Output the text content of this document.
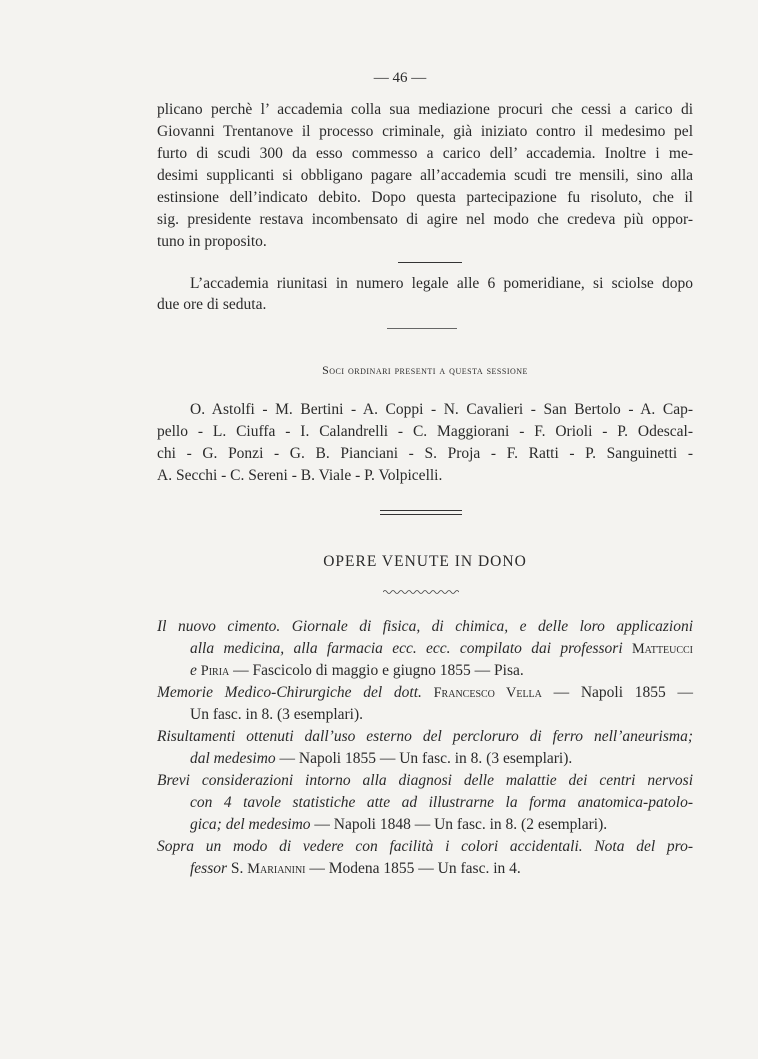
— 46 —
plicano perchè l’ accademia colla sua mediazione procuri che cessi a carico di
Giovanni Trentanove il processo criminale, già iniziato contro il medesimo pel
furto di scudi 300 da esso commesso a carico dell’ accademia. Inoltre i me-
desimi supplicanti si obbligano pagare all’accademia scudi tre mensili, sino alla
estinsione dell’indicato debito. Dopo questa partecipazione fu risoluto, che il
sig. presidente restava incombensato di agire nel modo che credeva più oppor-
tuno in proposito.
L’accademia riunitasi in numero legale alle 6 pomeridiane, si sciolse dopo
due ore di seduta.
Soci ordinari presenti a questa sessione
O. Astolfi - M. Bertini - A. Coppi - N. Cavalieri - San Bertolo - A. Cap-
pello - L. Ciuffa - I. Calandrelli - C. Maggiorani - F. Orioli - P. Odescal-
chi - G. Ponzi - G. B. Pianciani - S. Proja - F. Ratti - P. Sanguinetti -
A. Secchi - C. Sereni - B. Viale - P. Volpicelli.
OPERE VENUTE IN DONO
Il nuovo cimento. Giornale di fisica, di chimica, e delle loro applicazioni
alla medicina, alla farmacia ecc. ecc. compilato dai professori Matteucci
e Piria — Fascicolo di maggio e giugno 1855 — Pisa.
Memorie Medico-Chirurgiche del dott. Francesco Vella — Napoli 1855 —
Un fasc. in 8. (3 esemplari).
Risultamenti ottenuti dall’uso esterno del percloruro di ferro nell’aneurisma;
dal medesimo — Napoli 1855 — Un fasc. in 8. (3 esemplari).
Brevi considerazioni intorno alla diagnosi delle malattie dei centri nervosi
con 4 tavole statistiche atte ad illustrarne la forma anatomica-patolo-
gica; del medesimo — Napoli 1848 — Un fasc. in 8. (2 esemplari).
Sopra un modo di vedere con facilità i colori accidentali. Nota del pro-
fessor S. Marianini — Modena 1855 — Un fasc. in 4.
